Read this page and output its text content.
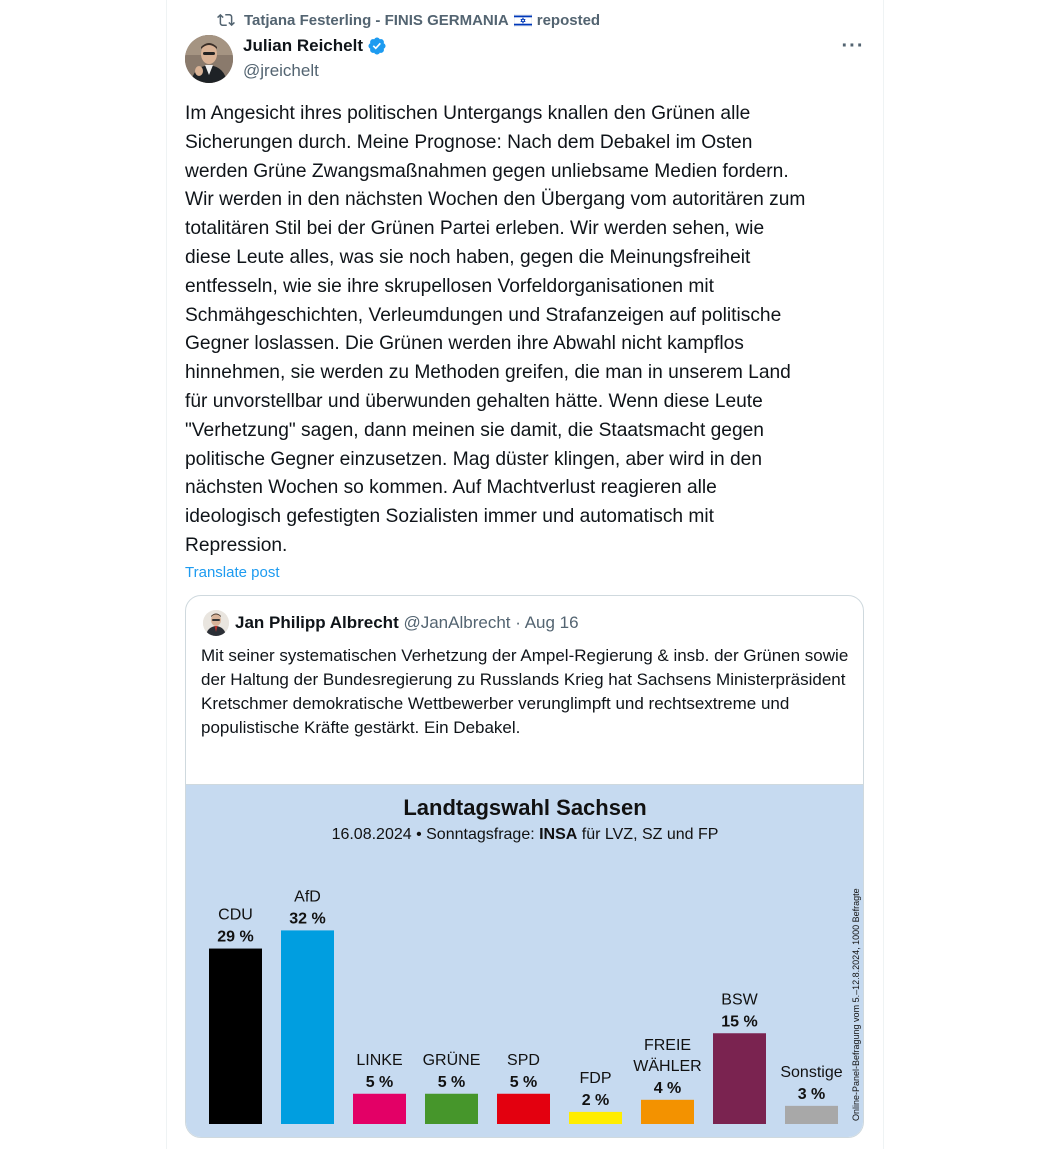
Tatjana Festerling - FINIS GERMANIA reposted
Julian Reichelt
@jreichelt
···
Im Angesicht ihres politischen Untergangs knallen den Grünen alle
Sicherungen durch. Meine Prognose: Nach dem Debakel im Osten
werden Grüne Zwangsmaßnahmen gegen unliebsame Medien fordern.
Wir werden in den nächsten Wochen den Übergang vom autoritären zum
totalitären Stil bei der Grünen Partei erleben. Wir werden sehen, wie
diese Leute alles, was sie noch haben, gegen die Meinungsfreiheit
entfesseln, wie sie ihre skrupellosen Vorfeldorganisationen mit
Schmähgeschichten, Verleumdungen und Strafanzeigen auf politische
Gegner loslassen. Die Grünen werden ihre Abwahl nicht kampflos
hinnehmen, sie werden zu Methoden greifen, die man in unserem Land
für unvorstellbar und überwunden gehalten hätte. Wenn diese Leute
"Verhetzung" sagen, dann meinen sie damit, die Staatsmacht gegen
politische Gegner einzusetzen. Mag düster klingen, aber wird in den
nächsten Wochen so kommen. Auf Machtverlust reagieren alle
ideologisch gefestigten Sozialisten immer und automatisch mit
Repression.
Translate post
Jan Philipp Albrecht @JanAlbrecht · Aug 16
Mit seiner systematischen Verhetzung der Ampel-Regierung & insb. der Grünen sowie der Haltung der Bundesregierung zu Russlands Krieg hat Sachsens Ministerpräsident Kretschmer demokratische Wettbewerber verunglimpft und rechtsextreme und populistische Kräfte gestärkt. Ein Debakel.
Landtagswahl Sachsen
16.08.2024 • Sonntagsfrage: INSA für LVZ, SZ und FP
29 %
CDU 32 %
AfD
5 %
LINKE
5 %
GRÜNE
5 %
SPD
2 %
FDP
4 %
FREIE
WÄHLER
15 %
BSW
3 %
Sonstige Online-Panel-Befragung vom 5.–12.8.2024, 1000 Befragte
